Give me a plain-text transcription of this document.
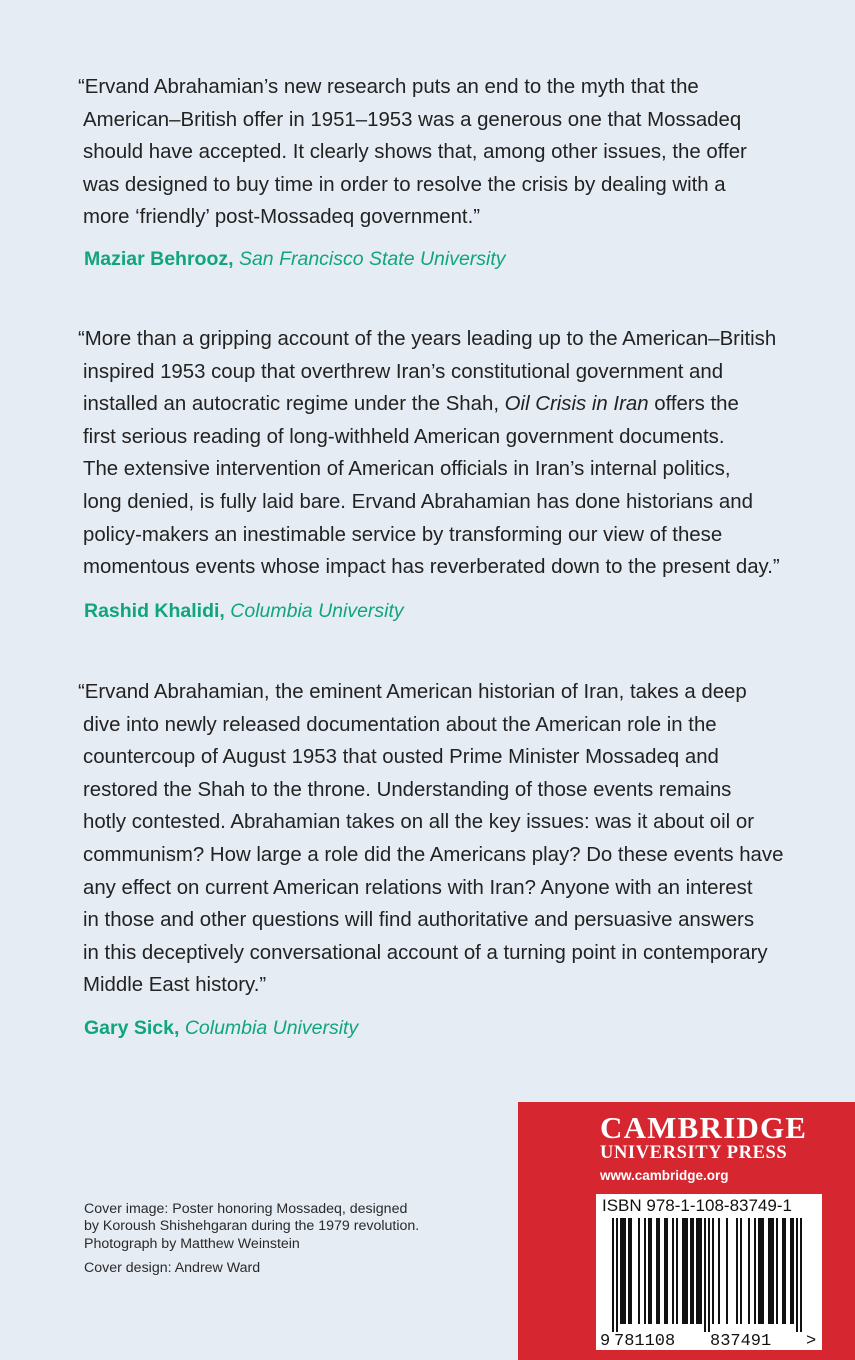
“Ervand Abrahamian’s new research puts an end to the myth that the
American–British offer in 1951–1953 was a generous one that Mossadeq
should have accepted. It clearly shows that, among other issues, the offer
was designed to buy time in order to resolve the crisis by dealing with a
more ‘friendly’ post-Mossadeq government.”

Maziar Behrooz, San Francisco State University

“More than a gripping account of the years leading up to the American–British
inspired 1953 coup that overthrew Iran’s constitutional government and
installed an autocratic regime under the Shah, Oil Crisis in Iran offers the
first serious reading of long-withheld American government documents.
The extensive intervention of American officials in Iran’s internal politics,
long denied, is fully laid bare. Ervand Abrahamian has done historians and
policy-makers an inestimable service by transforming our view of these
momentous events whose impact has reverberated down to the present day.”

Rashid Khalidi, Columbia University

“Ervand Abrahamian, the eminent American historian of Iran, takes a deep
dive into newly released documentation about the American role in the
countercoup of August 1953 that ousted Prime Minister Mossadeq and
restored the Shah to the throne. Understanding of those events remains
hotly contested. Abrahamian takes on all the key issues: was it about oil or
communism? How large a role did the Americans play? Do these events have
any effect on current American relations with Iran? Anyone with an interest
in those and other questions will find authoritative and persuasive answers
in this deceptively conversational account of a turning point in contemporary
Middle East history.”

Gary Sick, Columbia University
Cover image: Poster honoring Mossadeq, designed
by Koroush Shishehgaran during the 1979 revolution.
Photograph by Matthew Weinstein
Cover design: Andrew Ward
CAMBRIDGE
UNIVERSITY PRESS
www.cambridge.org
ISBN 978-1-108-83749-1
9 781108 837491 >
